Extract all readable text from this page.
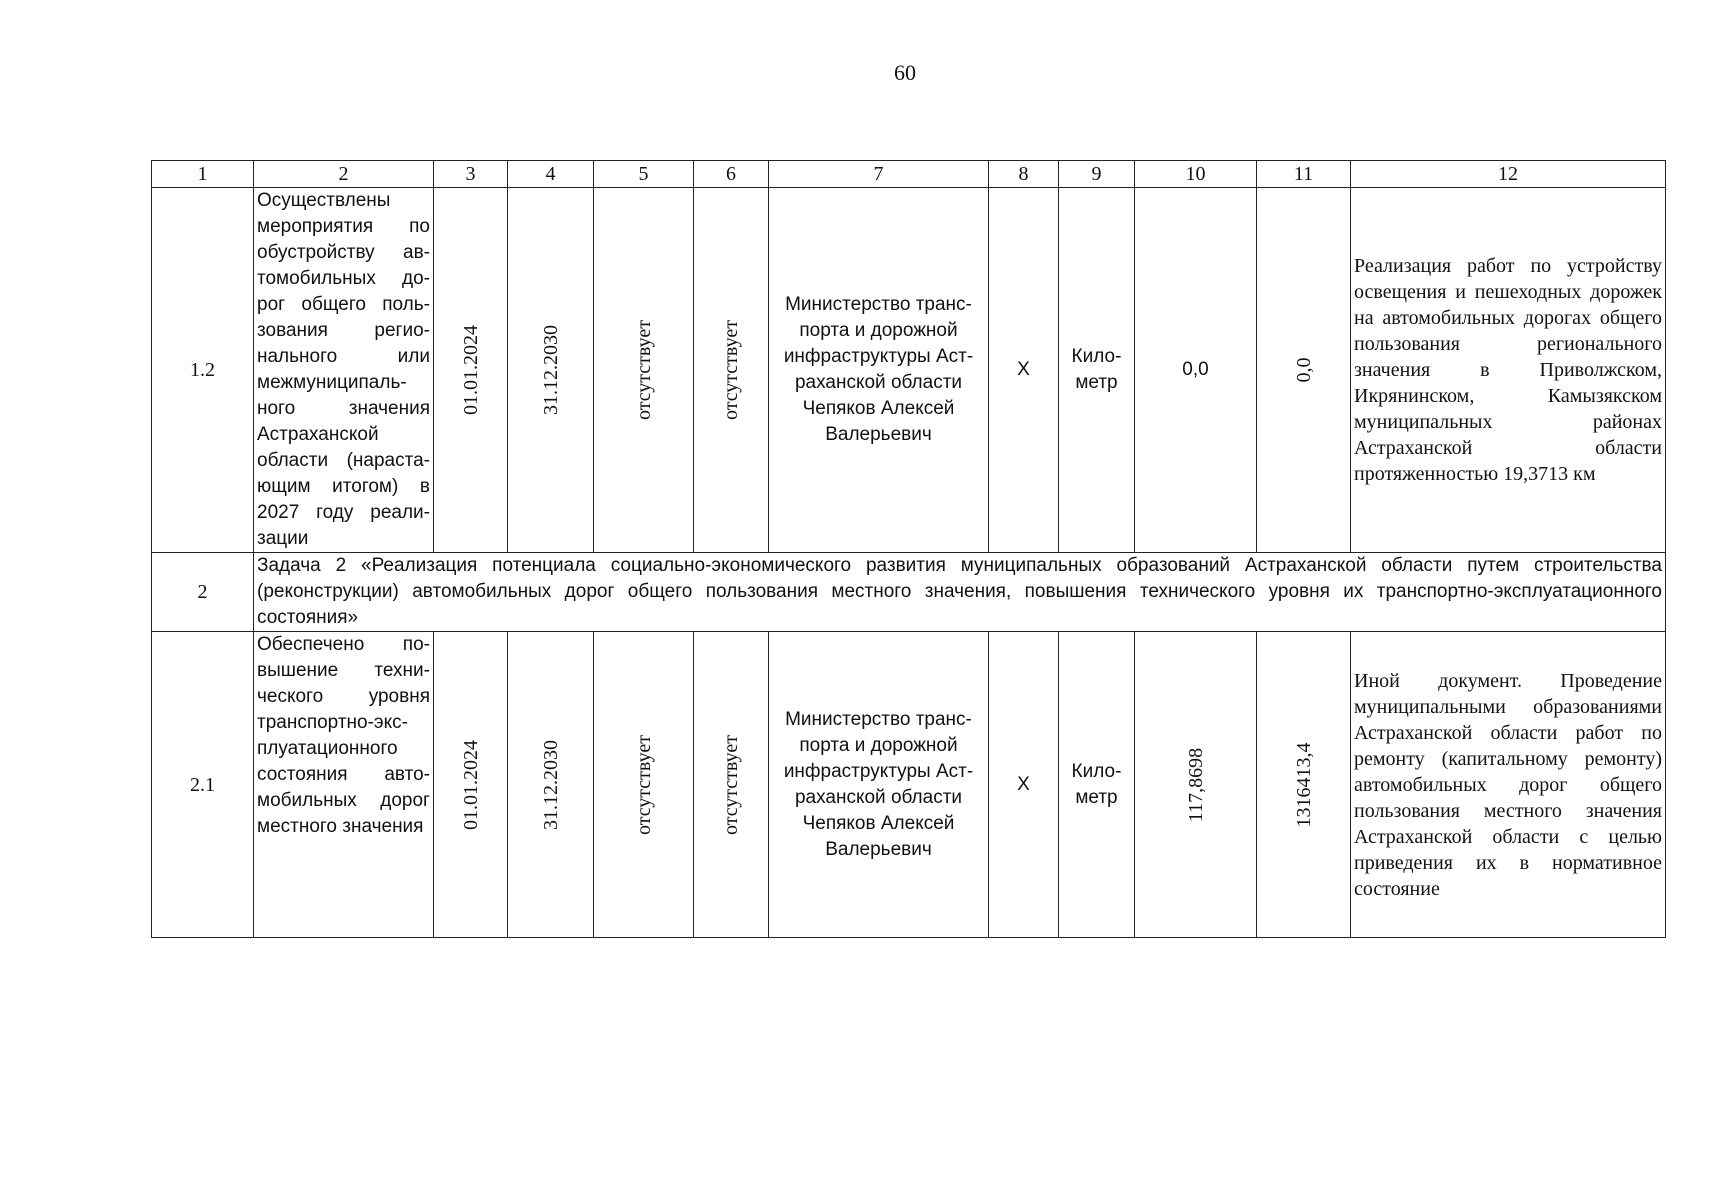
60
1	2	3	4	5	6	7	8	9	10	11	12
1.2	Осуществлены мероприятия по обустройству автомобильных дорог общего пользования регионального или межмуниципального значения Астраханской области (нарастающим итогом) в 2027 году реализации	01.01.2024	31.12.2030	отсутствует	отсутствует	Министерство транспорта и дорожной инфраструктуры Астраханской области Чепяков Алексей Валерьевич	Х	Километр	0,0	0,0	Реализация работ по устройству освещения и пешеходных дорожек на автомобильных дорогах общего пользования регионального значения в Приволжском, Икрянинском, Камызякском муниципальных районах Астраханской области протяженностью 19,3713 км
2	Задача 2 «Реализация потенциала социально-экономического развития муниципальных образований Астраханской области путем строительства (реконструкции) автомобильных дорог общего пользования местного значения, повышения технического уровня их транспортно-эксплуатационного состояния»										
2.1	Обеспечено повышение технического уровня транспортно-эксплуатационного состояния автомобильных дорог местного значения	01.01.2024	31.12.2030	отсутствует	отсутствует	Министерство транспорта и дорожной инфраструктуры Астраханской области Чепяков Алексей Валерьевич	Х	Километр	117,8698	1316413,4	Иной документ. Проведение муниципальными образованиями Астраханской области работ по ремонту (капитальному ремонту) автомобильных дорог общего пользования местного значения Астраханской области с целью приведения их в нормативное состояние
